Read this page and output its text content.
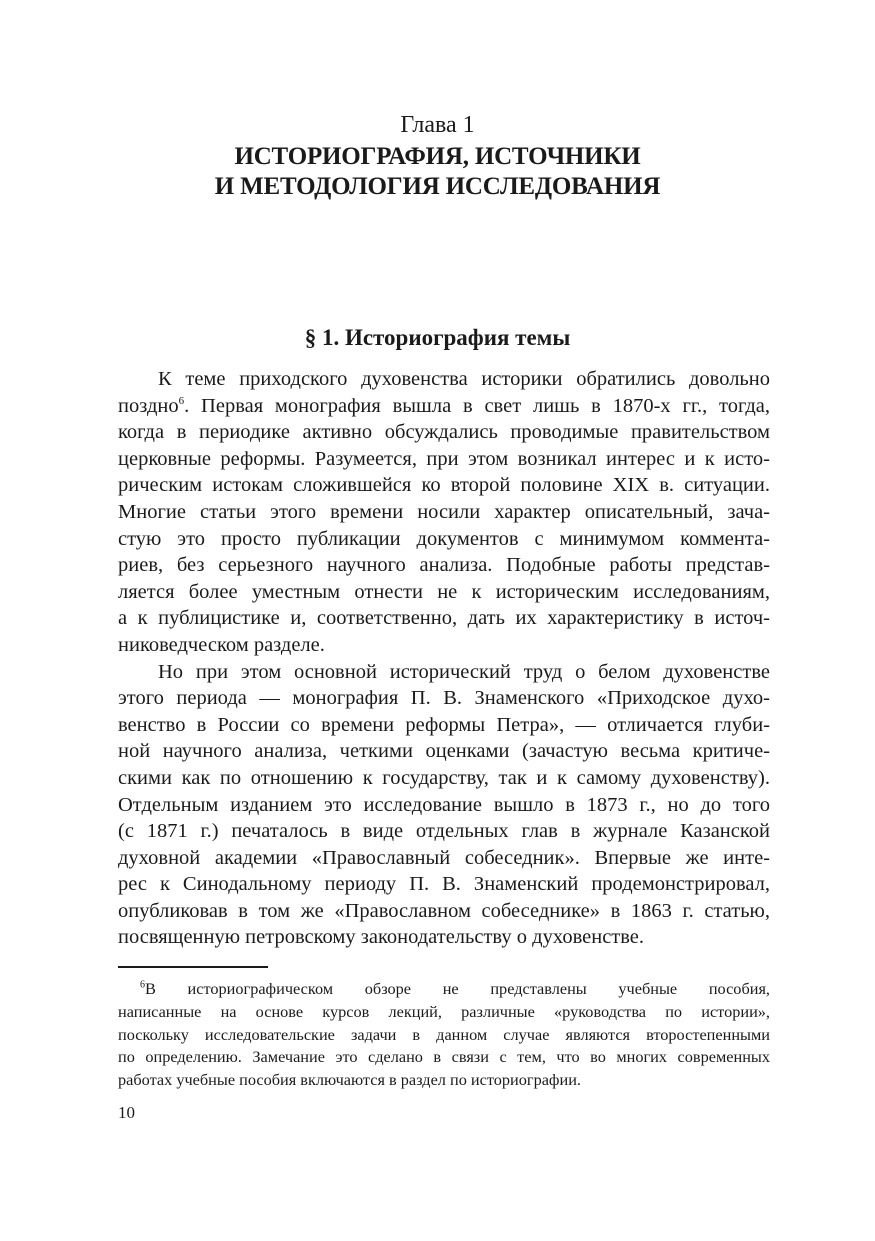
Глава 1
ИСТОРИОГРАФИЯ, ИСТОЧНИКИ
И МЕТОДОЛОГИЯ ИССЛЕДОВАНИЯ
§ 1. Историография темы
К теме приходского духовенства историки обратились довольно
поздно$^6$. Первая монография вышла в свет лишь в 1870-х гг., тогда,
когда в периодике активно обсуждались проводимые правительством
церковные реформы. Разумеется, при этом возникал интерес и к исто-
рическим истокам сложившейся ко второй половине XIX в. ситуации.
Многие статьи этого времени носили характер описательный, зача-
стую это просто публикации документов с минимумом коммента-
риев, без серьезного научного анализа. Подобные работы представ-
ляется более уместным отнести не к историческим исследованиям,
а к публицистике и, соответственно, дать их характеристику в источ-
никоведческом разделе.
Но при этом основной исторический труд о белом духовенстве
этого периода — монография П. В. Знаменского «Приходское духо-
венство в России со времени реформы Петра», — отличается глуби-
ной научного анализа, четкими оценками (зачастую весьма критиче-
скими как по отношению к государству, так и к самому духовенству).
Отдельным изданием это исследование вышло в 1873 г., но до того
(с 1871 г.) печаталось в виде отдельных глав в журнале Казанской
духовной академии «Православный собеседник». Впервые же инте-
рес к Синодальному периоду П. В. Знаменский продемонстрировал,
опубликовав в том же «Православном собеседнике» в 1863 г. статью,
посвященную петровскому законодательству о духовенстве.
$^6$В историографическом обзоре не представлены учебные пособия,
написанные на основе курсов лекций, различные «руководства по истории»,
поскольку исследовательские задачи в данном случае являются второстепенными
по определению. Замечание это сделано в связи с тем, что во многих современных
работах учебные пособия включаются в раздел по историографии.
10
